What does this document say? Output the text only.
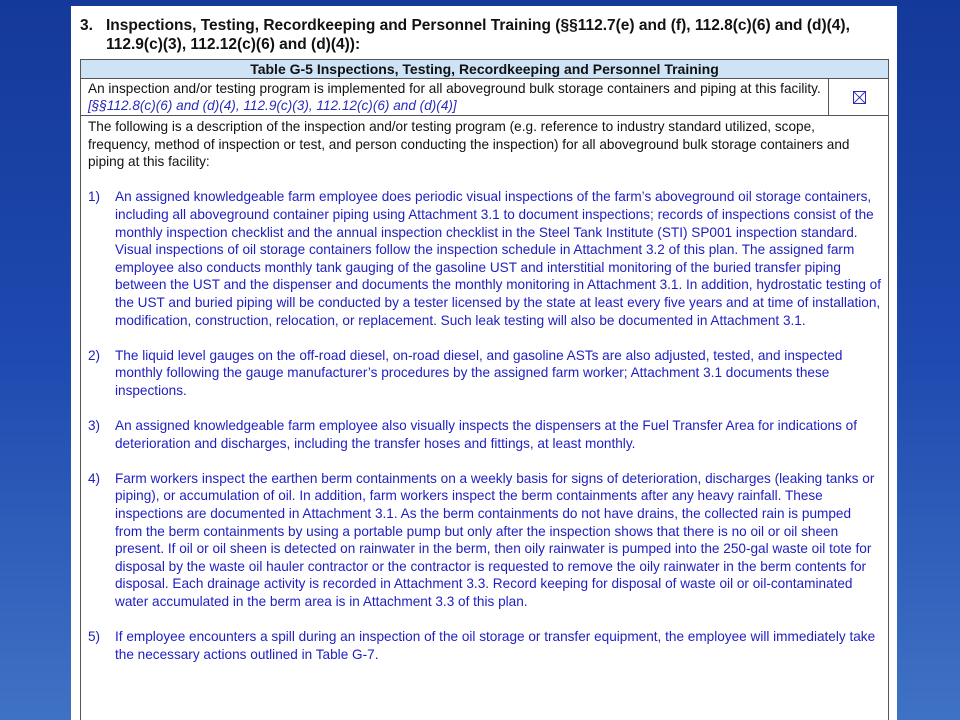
3. Inspections, Testing, Recordkeeping and Personnel Training (§§112.7(e) and (f), 112.8(c)(6) and (d)(4), 112.9(c)(3), 112.12(c)(6) and (d)(4)):
Table G-5 Inspections, Testing, Recordkeeping and Personnel Training
An inspection and/or testing program is implemented for all aboveground bulk storage containers and piping at this facility. [§§112.8(c)(6) and (d)(4), 112.9(c)(3), 112.12(c)(6) and (d)(4)]

The following is a description of the inspection and/or testing program (e.g. reference to industry standard utilized, scope, frequency, method of inspection or test, and person conducting the inspection) for all aboveground bulk storage containers and piping at this facility:

1) An assigned knowledgeable farm employee does periodic visual inspections of the farm’s aboveground oil storage containers, including all aboveground container piping using Attachment 3.1 to document inspections; records of inspections consist of the monthly inspection checklist and the annual inspection checklist in the Steel Tank Institute (STI) SP001 inspection standard. Visual inspections of oil storage containers follow the inspection schedule in Attachment 3.2 of this plan. The assigned farm employee also conducts monthly tank gauging of the gasoline UST and interstitial monitoring of the buried transfer piping between the UST and the dispenser and documents the monthly monitoring in Attachment 3.1. In addition, hydrostatic testing of the UST and buried piping will be conducted by a tester licensed by the state at least every five years and at time of installation, modification, construction, relocation, or replacement. Such leak testing will also be documented in Attachment 3.1.
2) The liquid level gauges on the off-road diesel, on-road diesel, and gasoline ASTs are also adjusted, tested, and inspected monthly following the gauge manufacturer’s procedures by the assigned farm worker; Attachment 3.1 documents these inspections.
3) An assigned knowledgeable farm employee also visually inspects the dispensers at the Fuel Transfer Area for indications of deterioration and discharges, including the transfer hoses and fittings, at least monthly.
4) Farm workers inspect the earthen berm containments on a weekly basis for signs of deterioration, discharges (leaking tanks or piping), or accumulation of oil. In addition, farm workers inspect the berm containments after any heavy rainfall. These inspections are documented in Attachment 3.1. As the berm containments do not have drains, the collected rain is pumped from the berm containments by using a portable pump but only after the inspection shows that there is no oil or oil sheen present. If oil or oil sheen is detected on rainwater in the berm, then oily rainwater is pumped into the 250-gal waste oil tote for disposal by the waste oil hauler contractor or the contractor is requested to remove the oily rainwater in the berm contents for disposal. Each drainage activity is recorded in Attachment 3.3. Record keeping for disposal of waste oil or oil-contaminated water accumulated in the berm area is in Attachment 3.3 of this plan.
5) If employee encounters a spill during an inspection of the oil storage or transfer equipment, the employee will immediately take the necessary actions outlined in Table G-7.
